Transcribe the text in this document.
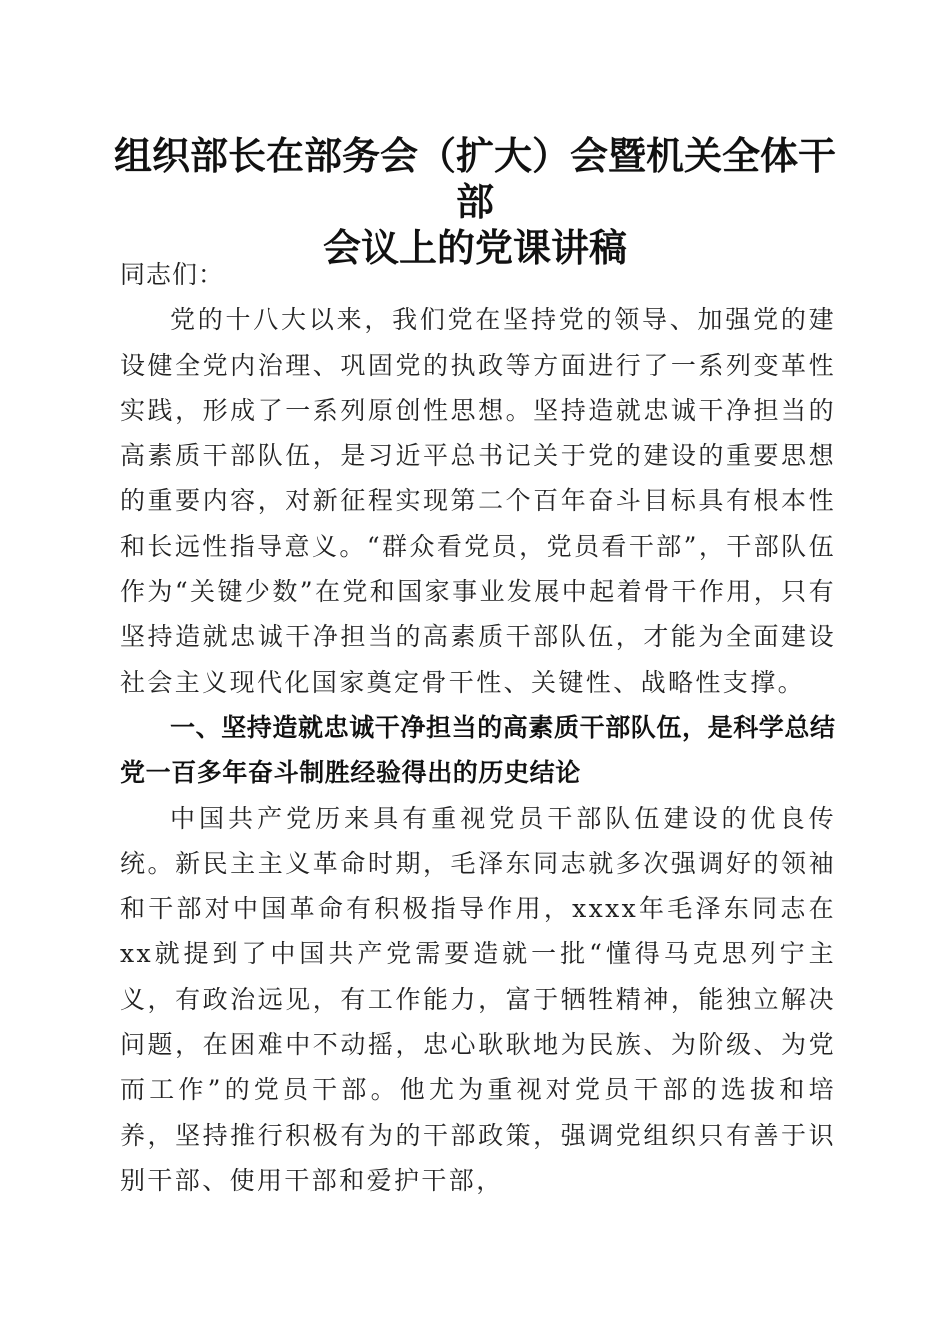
组织部长在部务会（扩大）会暨机关全体干部
会议上的党课讲稿

同志们：

党的十八大以来，我们党在坚持党的领导、加强党的建设健全党内治理、巩固党的执政等方面进行了一系列变革性实践，形成了一系列原创性思想。坚持造就忠诚干净担当的高素质干部队伍，是习近平总书记关于党的建设的重要思想的重要内容，对新征程实现第二个百年奋斗目标具有根本性和长远性指导意义。“群众看党员，党员看干部”，干部队伍作为“关键少数”在党和国家事业发展中起着骨干作用，只有坚持造就忠诚干净担当的高素质干部队伍，才能为全面建设社会主义现代化国家奠定骨干性、关键性、战略性支撑。

一、坚持造就忠诚干净担当的高素质干部队伍，是科学总结党一百多年奋斗制胜经验得出的历史结论

中国共产党历来具有重视党员干部队伍建设的优良传统。新民主主义革命时期，毛泽东同志就多次强调好的领袖和干部对中国革命有积极指导作用，xxxx年毛泽东同志在xx就提到了中国共产党需要造就一批“懂得马克思列宁主义，有政治远见，有工作能力，富于牺牲精神，能独立解决问题，在困难中不动摇，忠心耿耿地为民族、为阶级、为党而工作”的党员干部。他尤为重视对党员干部的选拔和培养，坚持推行积极有为的干部政策，强调党组织只有善于识别干部、使用干部和爱护干部，
